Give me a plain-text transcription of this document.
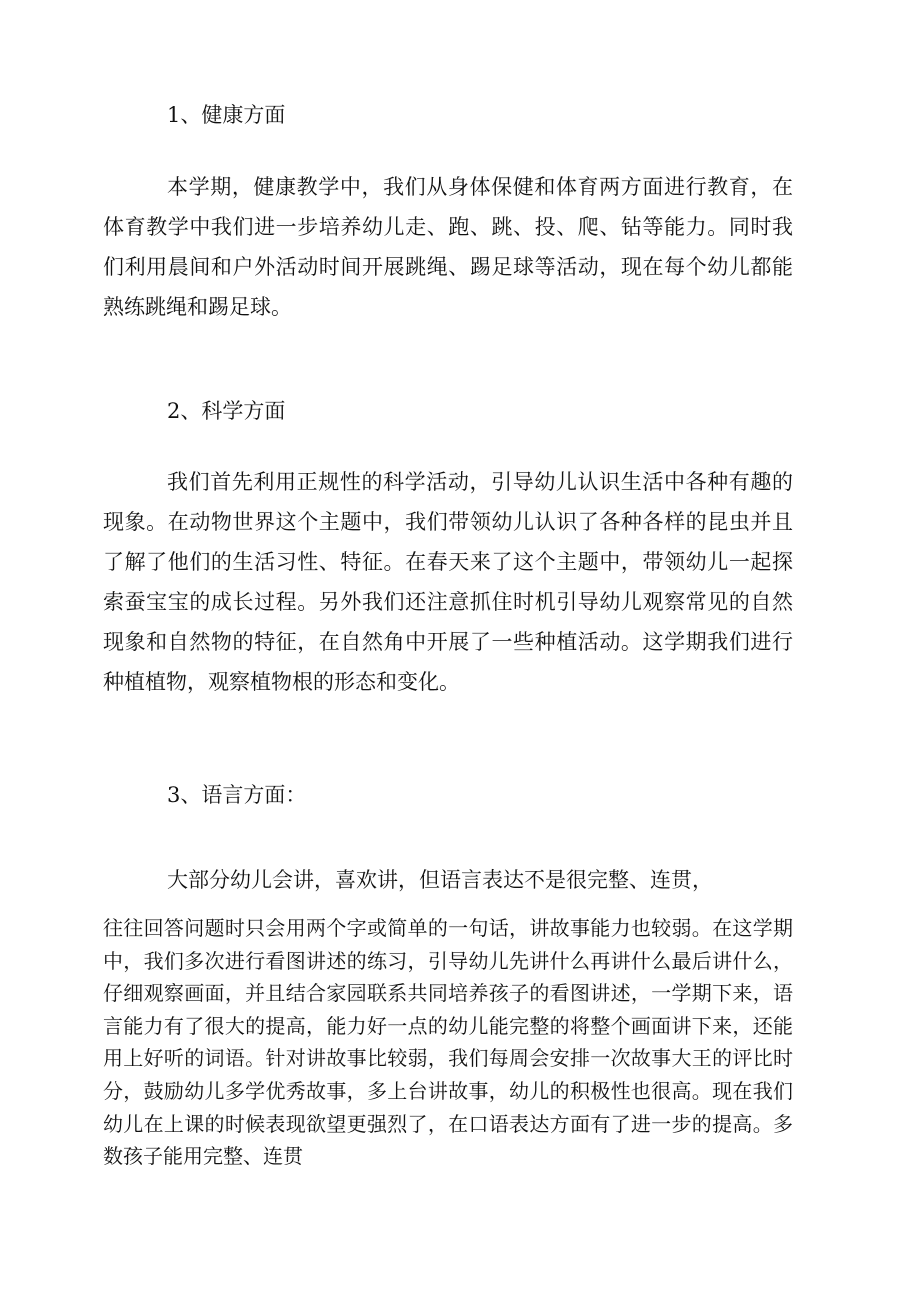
1、健康方面

本学期，健康教学中，我们从身体保健和体育两方面进行教育，在体育教学中我们进一步培养幼儿走、跑、跳、投、爬、钻等能力。同时我们利用晨间和户外活动时间开展跳绳、踢足球等活动，现在每个幼儿都能熟练跳绳和踢足球。

2、科学方面

我们首先利用正规性的科学活动，引导幼儿认识生活中各种有趣的现象。在动物世界这个主题中，我们带领幼儿认识了各种各样的昆虫并且了解了他们的生活习性、特征。在春天来了这个主题中，带领幼儿一起探索蚕宝宝的成长过程。另外我们还注意抓住时机引导幼儿观察常见的自然现象和自然物的特征，在自然角中开展了一些种植活动。这学期我们进行种植植物，观察植物根的形态和变化。

3、语言方面：

大部分幼儿会讲，喜欢讲，但语言表达不是很完整、连贯，

往往回答问题时只会用两个字或简单的一句话，讲故事能力也较弱。在这学期中，我们多次进行看图讲述的练习，引导幼儿先讲什么再讲什么最后讲什么，仔细观察画面，并且结合家园联系共同培养孩子的看图讲述，一学期下来，语言能力有了很大的提高，能力好一点的幼儿能完整的将整个画面讲下来，还能用上好听的词语。针对讲故事比较弱，我们每周会安排一次故事大王的评比时分，鼓励幼儿多学优秀故事，多上台讲故事，幼儿的积极性也很高。现在我们幼儿在上课的时候表现欲望更强烈了，在口语表达方面有了进一步的提高。多数孩子能用完整、连贯
